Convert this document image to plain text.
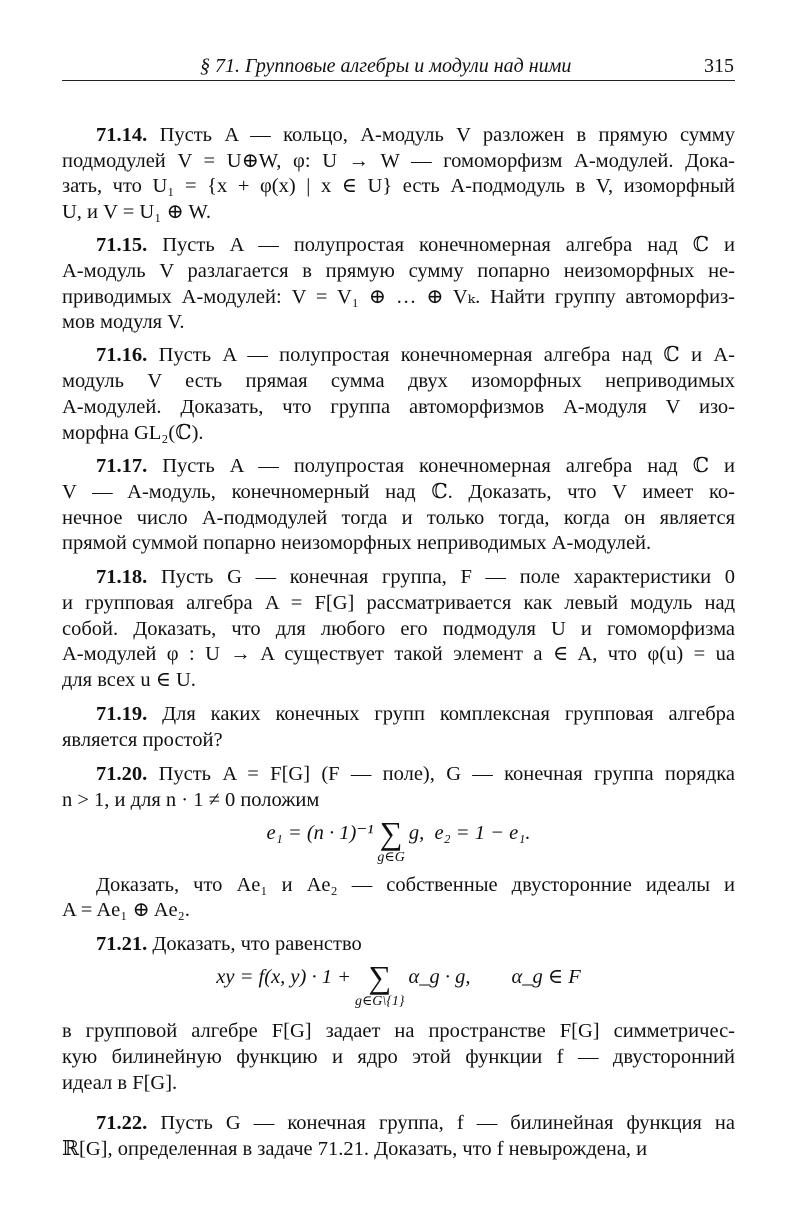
§ 71. Групповые алгебры и модули над ними	315
71.14. Пусть A — кольцо, A-модуль V разложен в прямую сумму
подмодулей V = U⊕W, φ: U → W — гомоморфизм A-модулей. Дока-
зать, что U₁ = {x + φ(x) | x ∈ U} есть A-подмодуль в V, изоморфный
U, и V = U₁ ⊕ W.
71.15. Пусть A — полупростая конечномерная алгебра над ℂ и
A-модуль V разлагается в прямую сумму попарно неизоморфных не-
приводимых A-модулей: V = V₁ ⊕ … ⊕ Vₖ. Найти группу автоморфиз-
мов модуля V.
71.16. Пусть A — полупростая конечномерная алгебра над ℂ и A-
модуль V есть прямая сумма двух изоморфных неприводимых
A-модулей. Доказать, что группа автоморфизмов A-модуля V изо-
морфна GL₂(ℂ).
71.17. Пусть A — полупростая конечномерная алгебра над ℂ и
V — A-модуль, конечномерный над ℂ. Доказать, что V имеет ко-
нечное число A-подмодулей тогда и только тогда, когда он является
прямой суммой попарно неизоморфных неприводимых A-модулей.
71.18. Пусть G — конечная группа, F — поле характеристики 0
и групповая алгебра A = F[G] рассматривается как левый модуль над
собой. Доказать, что для любого его подмодуля U и гомоморфизма
A-модулей φ : U → A существует такой элемент a ∈ A, что φ(u) = ua
для всех u ∈ U.
71.19. Для каких конечных групп комплексная групповая алгебра
является простой?
71.20. Пусть A = F[G] (F — поле), G — конечная группа порядка
n > 1, и для n · 1 ≠ 0 положим
e₁ = (n · 1)⁻¹ ∑
g∈G
g,  e₂ = 1 − e₁.
Доказать, что Ae₁ и Ae₂ — собственные двусторонние идеалы и
A = Ae₁ ⊕ Ae₂.
71.21. Доказать, что равенство
xy = f(x, y) · 1 + ∑
g∈G\{1}
α_g · g,        α_g ∈ F
в групповой алгебре F[G] задает на пространстве F[G] симметричес-
кую билинейную функцию и ядро этой функции f — двусторонний
идеал в F[G].
71.22. Пусть G — конечная группа, f — билинейная функция на
ℝ[G], определенная в задаче 71.21. Доказать, что f невырождена, и
